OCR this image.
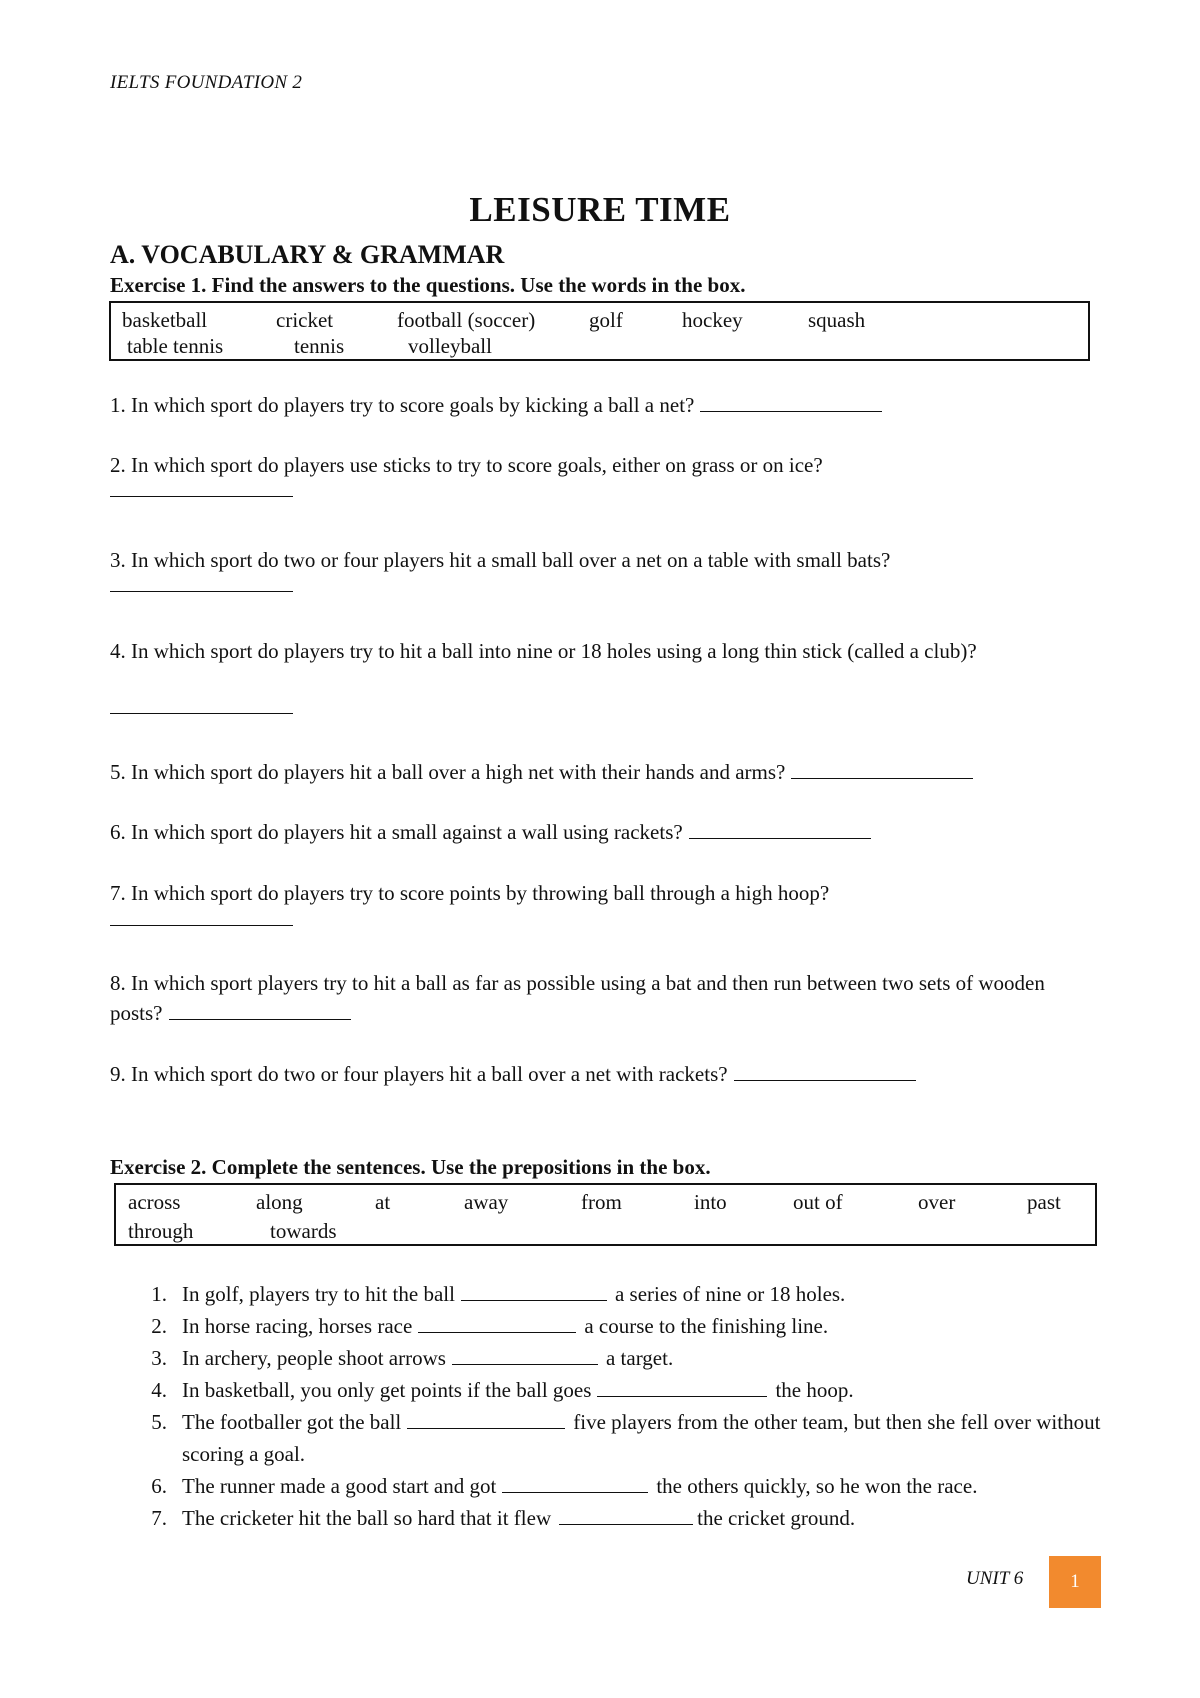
IELTS FOUNDATION 2
LEISURE TIME
A. VOCABULARY & GRAMMAR
Exercise 1. Find the answers to the questions. Use the words in the box.
basketball	cricket	football (soccer)	golf	hockey	squash
table tennis	tennis	volleyball
1. In which sport do players try to score goals by kicking a ball a net?
2. In which sport do players use sticks to try to score goals, either on grass or on ice?
3. In which sport do two or four players hit a small ball over a net on a table with small bats?
4. In which sport do players try to hit a ball into nine or 18 holes using a long thin stick (called a club)?
5. In which sport do players hit a ball over a high net with their hands and arms?
6. In which sport do players hit a small against a wall using rackets?
7. In which sport do players try to score points by throwing ball through a high hoop?
8. In which sport players try to hit a ball as far as possible using a bat and then run between two sets of wooden posts?
9. In which sport do two or four players hit a ball over a net with rackets?
Exercise 2. Complete the sentences. Use the prepositions in the box.
across	along	at	away	from	into	out of	over	past
through	towards
1. In golf, players try to hit the ball	a series of nine or 18 holes.
2. In horse racing, horses race	a course to the finishing line.
3. In archery, people shoot arrows	a target.
4. In basketball, you only get points if the ball goes	the hoop.
5. The footballer got the ball	five players from the other team, but then she fell over without scoring a goal.
6. The runner made a good start and got	the others quickly, so he won the race.
7. The cricketer hit the ball so hard that it flew	the cricket ground.
UNIT 6	1
